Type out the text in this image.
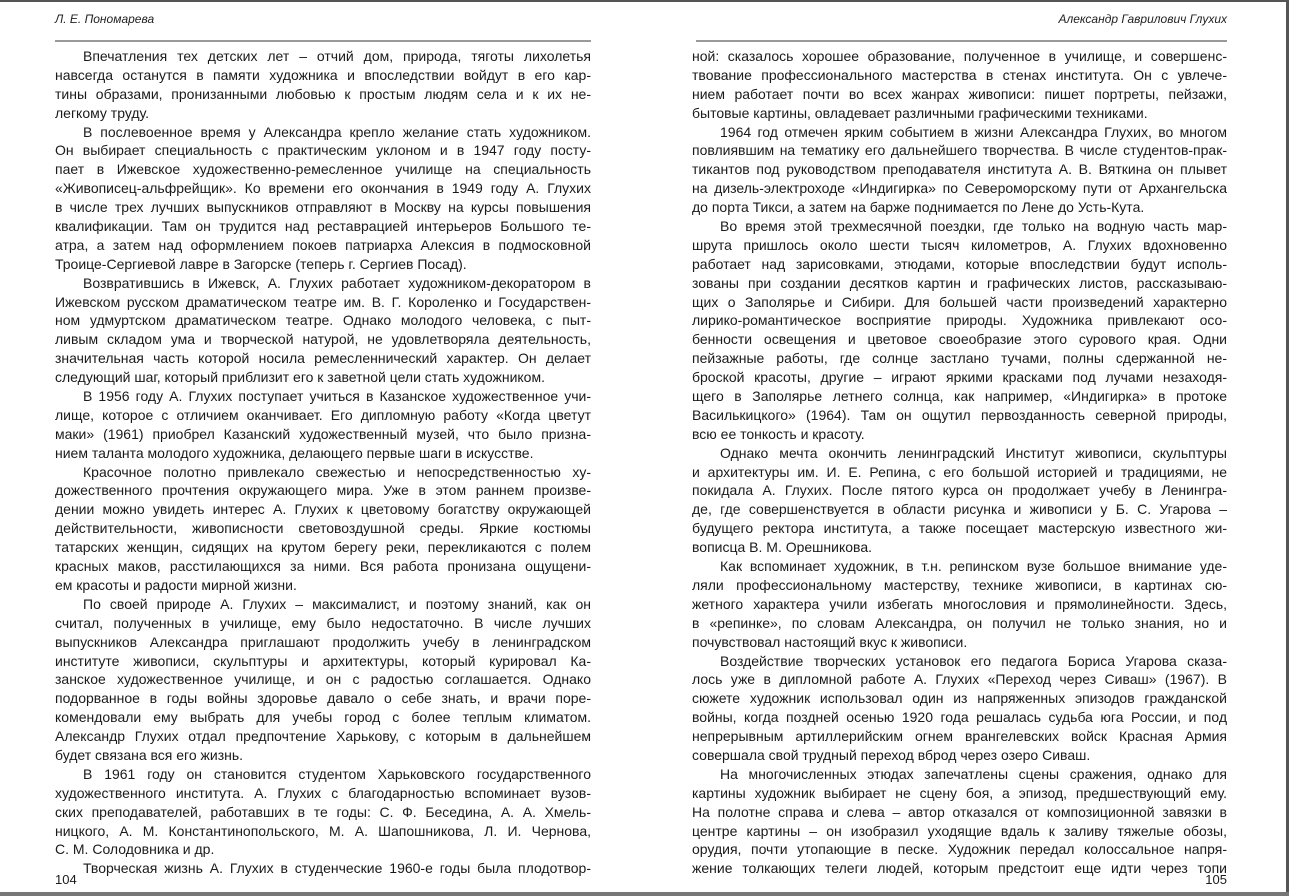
Л. Е. Пономарева
Впечатления тех детских лет – отчий дом, природа, тяготы лихолетья
навсегда останутся в памяти художника и впоследствии войдут в его кар-
тины образами, пронизанными любовью к простым людям села и к их не-
легкому труду.
В послевоенное время у Александра крепло желание стать художником.
Он выбирает специальность с практическим уклоном и в 1947 году посту-
пает в Ижевское художественно-ремесленное училище на специальность
«Живописец-альфрейщик». Ко времени его окончания в 1949 году А. Глухих
в числе трех лучших выпускников отправляют в Москву на курсы повышения
квалификации. Там он трудится над реставрацией интерьеров Большого те-
атра, а затем над оформлением покоев патриарха Алексия в подмосковной
Троице-Сергиевой лавре в Загорске (теперь г. Сергиев Посад).
Возвратившись в Ижевск, А. Глухих работает художником-декоратором в
Ижевском русском драматическом театре им. В. Г. Короленко и Государствен-
ном удмуртском драматическом театре. Однако молодого человека, с пыт-
ливым складом ума и творческой натурой, не удовлетворяла деятельность,
значительная часть которой носила ремесленнический характер. Он делает
следующий шаг, который приблизит его к заветной цели стать художником.
В 1956 году А. Глухих поступает учиться в Казанское художественное учи-
лище, которое с отличием оканчивает. Его дипломную работу «Когда цветут
маки» (1961) приобрел Казанский художественный музей, что было призна-
нием таланта молодого художника, делающего первые шаги в искусстве.
Красочное полотно привлекало свежестью и непосредственностью ху-
дожественного прочтения окружающего мира. Уже в этом раннем произве-
дении можно увидеть интерес А. Глухих к цветовому богатству окружающей
действительности, живописности световоздушной среды. Яркие костюмы
татарских женщин, сидящих на крутом берегу реки, перекликаются с полем
красных маков, расстилающихся за ними. Вся работа пронизана ощущени-
ем красоты и радости мирной жизни.
По своей природе А. Глухих – максималист, и поэтому знаний, как он
считал, полученных в училище, ему было недостаточно. В числе лучших
выпускников Александра приглашают продолжить учебу в ленинградском
институте живописи, скульптуры и архитектуры, который курировал Ка-
занское художественное училище, и он с радостью соглашается. Однако
подорванное в годы войны здоровье давало о себе знать, и врачи поре-
комендовали ему выбрать для учебы город с более теплым климатом.
Александр Глухих отдал предпочтение Харькову, с которым в дальнейшем
будет связана вся его жизнь.
В 1961 году он становится студентом Харьковского государственного
художественного института. А. Глухих с благодарностью вспоминает вузов-
ских преподавателей, работавших в те годы: С. Ф. Беседина, А. А. Хмель-
ницкого, А. М. Константинопольского, М. А. Шапошникова, Л. И. Чернова,
С. М. Солодовника и др.
Творческая жизнь А. Глухих в студенческие 1960-е годы была плодотвор-
104
Александр Гаврилович Глухих
ной: сказалось хорошее образование, полученное в училище, и совершенс-
твование профессионального мастерства в стенах института. Он с увлече-
нием работает почти во всех жанрах живописи: пишет портреты, пейзажи,
бытовые картины, овладевает различными графическими техниками.
1964 год отмечен ярким событием в жизни Александра Глухих, во многом
повлиявшим на тематику его дальнейшего творчества. В числе студентов-прак-
тикантов под руководством преподавателя института А. В. Вяткина он плывет
на дизель-электроходе «Индигирка» по Североморскому пути от Архангельска
до порта Тикси, а затем на барже поднимается по Лене до Усть-Кута.
Во время этой трехмесячной поездки, где только на водную часть мар-
шрута пришлось около шести тысяч километров, А. Глухих вдохновенно
работает над зарисовками, этюдами, которые впоследствии будут исполь-
зованы при создании десятков картин и графических листов, рассказываю-
щих о Заполярье и Сибири. Для большей части произведений характерно
лирико-романтическое восприятие природы. Художника привлекают осо-
бенности освещения и цветовое своеобразие этого сурового края. Одни
пейзажные работы, где солнце застлано тучами, полны сдержанной не-
броской красоты, другие – играют яркими красками под лучами незаходя-
щего в Заполярье летнего солнца, как например, «Индигирка» в протоке
Василькицкого» (1964). Там он ощутил первозданность северной природы,
всю ее тонкость и красоту.
Однако мечта окончить ленинградский Институт живописи, скульптуры
и архитектуры им. И. Е. Репина, с его большой историей и традициями, не
покидала А. Глухих. После пятого курса он продолжает учебу в Ленингра-
де, где совершенствуется в области рисунка и живописи у Б. С. Угарова –
будущего ректора института, а также посещает мастерскую известного жи-
вописца В. М. Орешникова.
Как вспоминает художник, в т.н. репинском вузе большое внимание уде-
ляли профессиональному мастерству, технике живописи, в картинах сю-
жетного характера учили избегать многословия и прямолинейности. Здесь,
в «репинке», по словам Александра, он получил не только знания, но и
почувствовал настоящий вкус к живописи.
Воздействие творческих установок его педагога Бориса Угарова сказа-
лось уже в дипломной работе А. Глухих «Переход через Сиваш» (1967). В
сюжете художник использовал один из напряженных эпизодов гражданской
войны, когда поздней осенью 1920 года решалась судьба юга России, и под
непрерывным артиллерийским огнем врангелевских войск Красная Армия
совершала свой трудный переход вброд через озеро Сиваш.
На многочисленных этюдах запечатлены сцены сражения, однако для
картины художник выбирает не сцену боя, а эпизод, предшествующий ему.
На полотне справа и слева – автор отказался от композиционной завязки в
центре картины – он изобразил уходящие вдаль к заливу тяжелые обозы,
орудия, почти утопающие в песке. Художник передал колоссальное напря-
жение толкающих телеги людей, которым предстоит еще идти через топи
105
